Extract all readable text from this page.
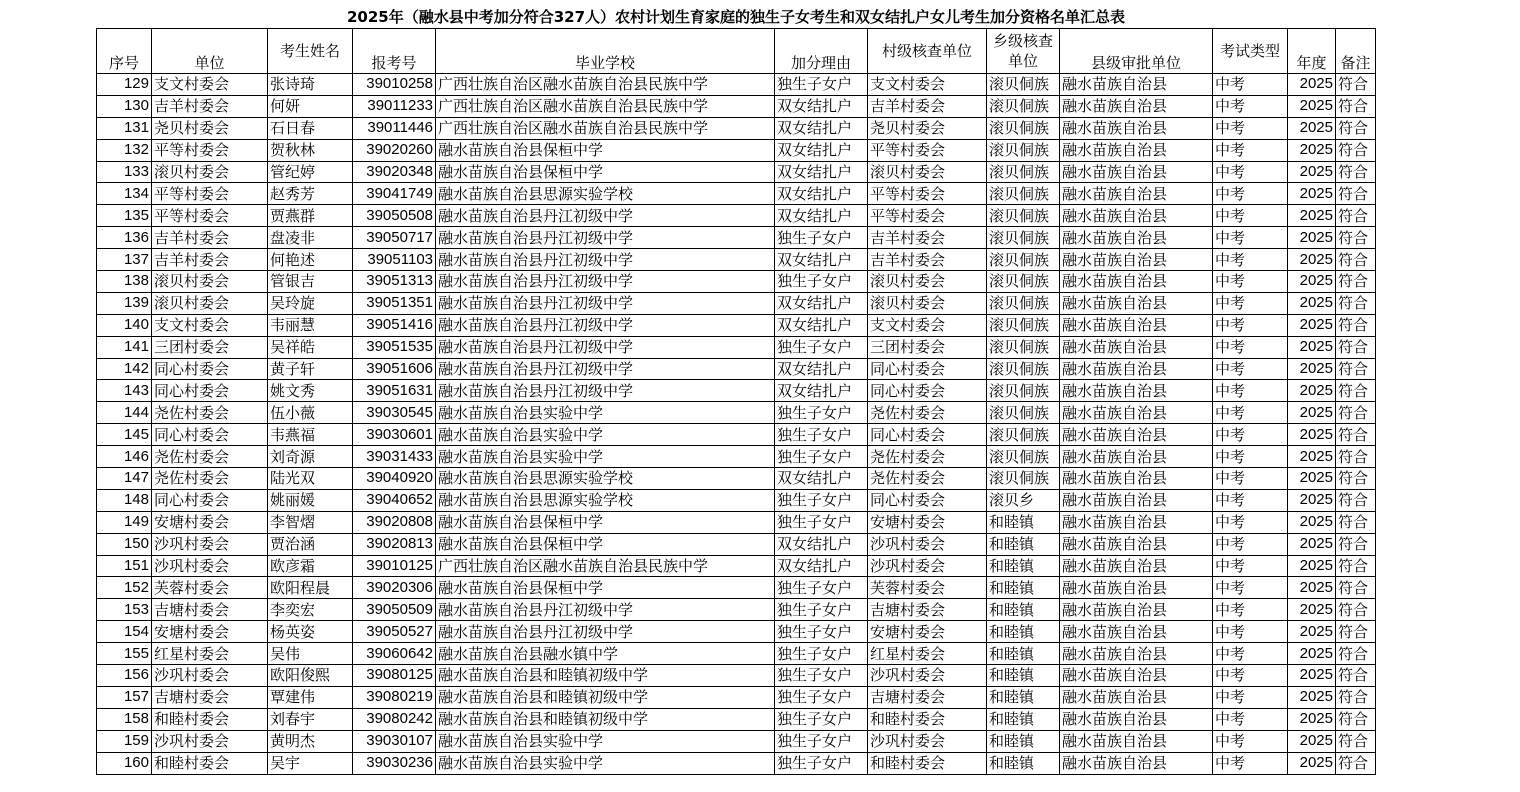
2025年（融水县中考加分符合327人）农村计划生育家庭的独生子女考生和双女结扎户女儿考生加分资格名单汇总表
序号	单位	考生姓名	报考号	毕业学校	加分理由	村级核查单位	乡级核查单位	县级审批单位	考试类型	年度	备注
129	支文村委会	张诗琦	39010258	广西壮族自治区融水苗族自治县民族中学	独生子女户	支文村委会	滚贝侗族	融水苗族自治县	中考	2025	符合
130	吉羊村委会	何妍	39011233	广西壮族自治区融水苗族自治县民族中学	双女结扎户	吉羊村委会	滚贝侗族	融水苗族自治县	中考	2025	符合
131	尧贝村委会	石日春	39011446	广西壮族自治区融水苗族自治县民族中学	双女结扎户	尧贝村委会	滚贝侗族	融水苗族自治县	中考	2025	符合
132	平等村委会	贺秋林	39020260	融水苗族自治县保桓中学	双女结扎户	平等村委会	滚贝侗族	融水苗族自治县	中考	2025	符合
133	滚贝村委会	管纪婷	39020348	融水苗族自治县保桓中学	双女结扎户	滚贝村委会	滚贝侗族	融水苗族自治县	中考	2025	符合
134	平等村委会	赵秀芳	39041749	融水苗族自治县思源实验学校	双女结扎户	平等村委会	滚贝侗族	融水苗族自治县	中考	2025	符合
135	平等村委会	贾燕群	39050508	融水苗族自治县丹江初级中学	双女结扎户	平等村委会	滚贝侗族	融水苗族自治县	中考	2025	符合
136	吉羊村委会	盘凌非	39050717	融水苗族自治县丹江初级中学	独生子女户	吉羊村委会	滚贝侗族	融水苗族自治县	中考	2025	符合
137	吉羊村委会	何艳述	39051103	融水苗族自治县丹江初级中学	双女结扎户	吉羊村委会	滚贝侗族	融水苗族自治县	中考	2025	符合
138	滚贝村委会	管银吉	39051313	融水苗族自治县丹江初级中学	独生子女户	滚贝村委会	滚贝侗族	融水苗族自治县	中考	2025	符合
139	滚贝村委会	吴玲旋	39051351	融水苗族自治县丹江初级中学	双女结扎户	滚贝村委会	滚贝侗族	融水苗族自治县	中考	2025	符合
140	支文村委会	韦丽慧	39051416	融水苗族自治县丹江初级中学	双女结扎户	支文村委会	滚贝侗族	融水苗族自治县	中考	2025	符合
141	三团村委会	吴祥皓	39051535	融水苗族自治县丹江初级中学	独生子女户	三团村委会	滚贝侗族	融水苗族自治县	中考	2025	符合
142	同心村委会	黄子轩	39051606	融水苗族自治县丹江初级中学	双女结扎户	同心村委会	滚贝侗族	融水苗族自治县	中考	2025	符合
143	同心村委会	姚文秀	39051631	融水苗族自治县丹江初级中学	双女结扎户	同心村委会	滚贝侗族	融水苗族自治县	中考	2025	符合
144	尧佐村委会	伍小薇	39030545	融水苗族自治县实验中学	独生子女户	尧佐村委会	滚贝侗族	融水苗族自治县	中考	2025	符合
145	同心村委会	韦燕福	39030601	融水苗族自治县实验中学	独生子女户	同心村委会	滚贝侗族	融水苗族自治县	中考	2025	符合
146	尧佐村委会	刘奇源	39031433	融水苗族自治县实验中学	独生子女户	尧佐村委会	滚贝侗族	融水苗族自治县	中考	2025	符合
147	尧佐村委会	陆光双	39040920	融水苗族自治县思源实验学校	双女结扎户	尧佐村委会	滚贝侗族	融水苗族自治县	中考	2025	符合
148	同心村委会	姚丽媛	39040652	融水苗族自治县思源实验学校	独生子女户	同心村委会	滚贝乡	融水苗族自治县	中考	2025	符合
149	安塘村委会	李智熠	39020808	融水苗族自治县保桓中学	独生子女户	安塘村委会	和睦镇	融水苗族自治县	中考	2025	符合
150	沙巩村委会	贾治涵	39020813	融水苗族自治县保桓中学	双女结扎户	沙巩村委会	和睦镇	融水苗族自治县	中考	2025	符合
151	沙巩村委会	欧彦霜	39010125	广西壮族自治区融水苗族自治县民族中学	双女结扎户	沙巩村委会	和睦镇	融水苗族自治县	中考	2025	符合
152	芙蓉村委会	欧阳程晨	39020306	融水苗族自治县保桓中学	独生子女户	芙蓉村委会	和睦镇	融水苗族自治县	中考	2025	符合
153	吉塘村委会	李奕宏	39050509	融水苗族自治县丹江初级中学	独生子女户	吉塘村委会	和睦镇	融水苗族自治县	中考	2025	符合
154	安塘村委会	杨英姿	39050527	融水苗族自治县丹江初级中学	独生子女户	安塘村委会	和睦镇	融水苗族自治县	中考	2025	符合
155	红星村委会	吴伟	39060642	融水苗族自治县融水镇中学	独生子女户	红星村委会	和睦镇	融水苗族自治县	中考	2025	符合
156	沙巩村委会	欧阳俊熙	39080125	融水苗族自治县和睦镇初级中学	独生子女户	沙巩村委会	和睦镇	融水苗族自治县	中考	2025	符合
157	吉塘村委会	覃建伟	39080219	融水苗族自治县和睦镇初级中学	独生子女户	吉塘村委会	和睦镇	融水苗族自治县	中考	2025	符合
158	和睦村委会	刘春宇	39080242	融水苗族自治县和睦镇初级中学	独生子女户	和睦村委会	和睦镇	融水苗族自治县	中考	2025	符合
159	沙巩村委会	黄明杰	39030107	融水苗族自治县实验中学	独生子女户	沙巩村委会	和睦镇	融水苗族自治县	中考	2025	符合
160	和睦村委会	吴宇	39030236	融水苗族自治县实验中学	独生子女户	和睦村委会	和睦镇	融水苗族自治县	中考	2025	符合
